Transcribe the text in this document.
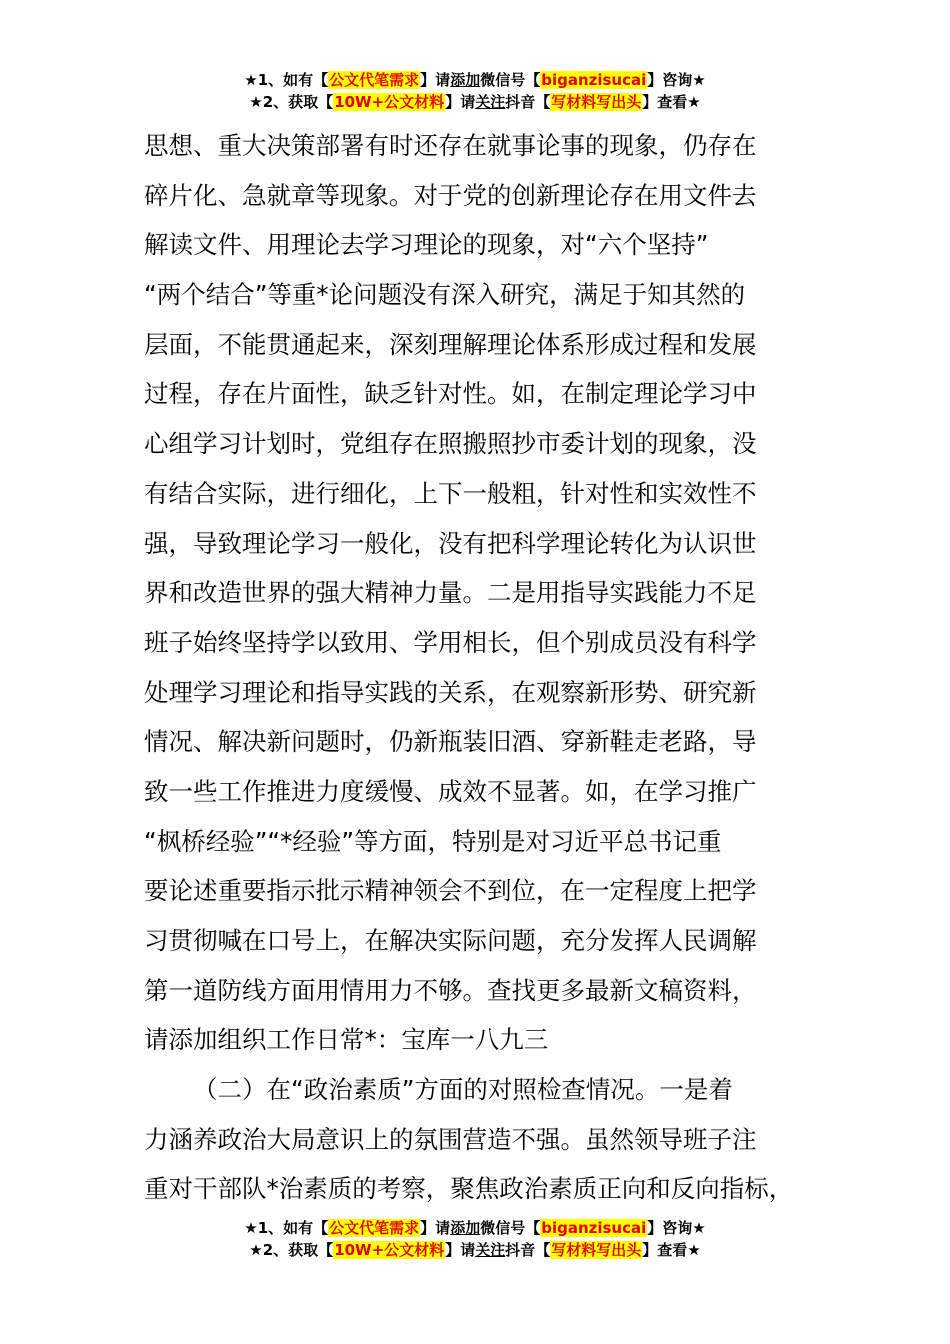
★1、如有【公文代笔需求】请添加微信号【biganzisucai】咨询★
★2、获取【10W+公文材料】请关注抖音【写材料写出头】查看★
思想、重大决策部署有时还存在就事论事的现象，仍存在
碎片化、急就章等现象。对于党的创新理论存在用文件去
解读文件、用理论去学习理论的现象，对“六个坚持”
“两个结合”等重*论问题没有深入研究，满足于知其然的
层面，不能贯通起来，深刻理解理论体系形成过程和发展
过程，存在片面性，缺乏针对性。如，在制定理论学习中
心组学习计划时，党组存在照搬照抄市委计划的现象，没
有结合实际，进行细化，上下一般粗，针对性和实效性不
强，导致理论学习一般化，没有把科学理论转化为认识世
界和改造世界的强大精神力量。二是用指导实践能力不足
班子始终坚持学以致用、学用相长，但个别成员没有科学
处理学习理论和指导实践的关系，在观察新形势、研究新
情况、解决新问题时，仍新瓶装旧酒、穿新鞋走老路，导
致一些工作推进力度缓慢、成效不显著。如，在学习推广
“枫桥经验”“*经验”等方面，特别是对习近平总书记重
要论述重要指示批示精神领会不到位，在一定程度上把学
习贯彻喊在口号上，在解决实际问题，充分发挥人民调解
第一道防线方面用情用力不够。查找更多最新文稿资料，
请添加组织工作日常*：宝库一八九三
（二）在“政治素质”方面的对照检查情况。一是着
力涵养政治大局意识上的氛围营造不强。虽然领导班子注
重对干部队*治素质的考察，聚焦政治素质正向和反向指标，
★1、如有【公文代笔需求】请添加微信号【biganzisucai】咨询★
★2、获取【10W+公文材料】请关注抖音【写材料写出头】查看★
